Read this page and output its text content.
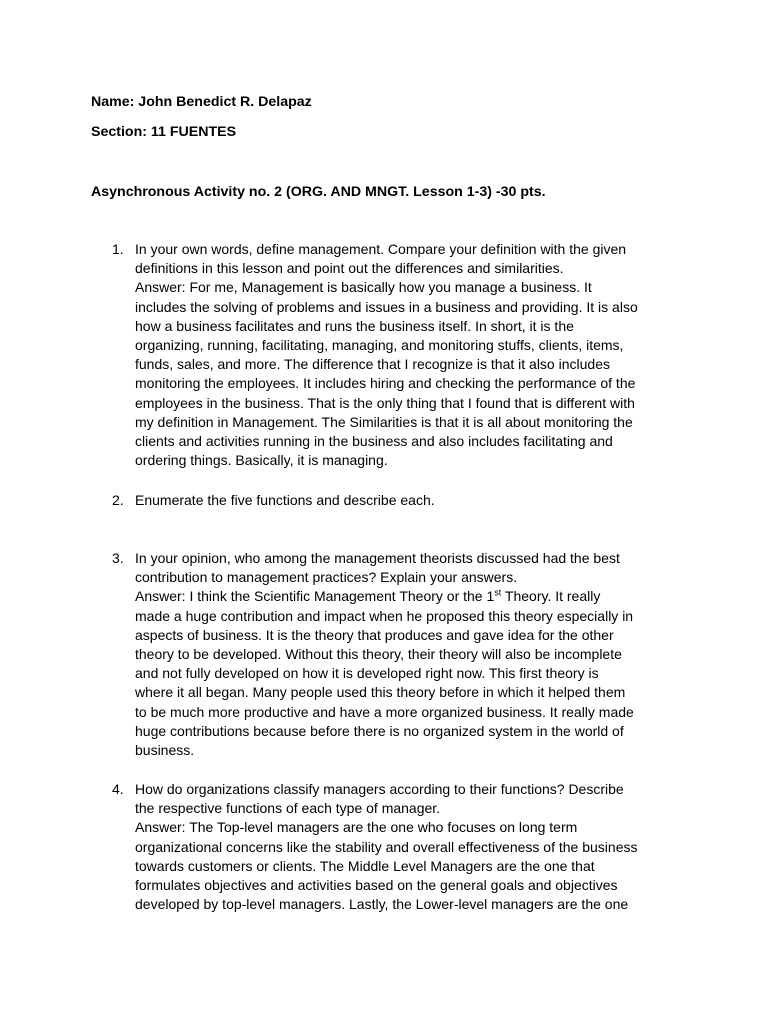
Name: John Benedict R. Delapaz
Section: 11 FUENTES
Asynchronous Activity no. 2 (ORG. AND MNGT. Lesson 1-3) -30 pts.
1. In your own words, define management. Compare your definition with the given
definitions in this lesson and point out the differences and similarities.
Answer: For me, Management is basically how you manage a business. It
includes the solving of problems and issues in a business and providing. It is also
how a business facilitates and runs the business itself. In short, it is the
organizing, running, facilitating, managing, and monitoring stuffs, clients, items,
funds, sales, and more. The difference that I recognize is that it also includes
monitoring the employees. It includes hiring and checking the performance of the
employees in the business. That is the only thing that I found that is different with
my definition in Management. The Similarities is that it is all about monitoring the
clients and activities running in the business and also includes facilitating and
ordering things. Basically, it is managing.
2. Enumerate the five functions and describe each.
3. In your opinion, who among the management theorists discussed had the best
contribution to management practices? Explain your answers.
Answer: I think the Scientific Management Theory or the 1st Theory. It really
made a huge contribution and impact when he proposed this theory especially in
aspects of business. It is the theory that produces and gave idea for the other
theory to be developed. Without this theory, their theory will also be incomplete
and not fully developed on how it is developed right now. This first theory is
where it all began. Many people used this theory before in which it helped them
to be much more productive and have a more organized business. It really made
huge contributions because before there is no organized system in the world of
business.
4. How do organizations classify managers according to their functions? Describe
the respective functions of each type of manager.
Answer: The Top-level managers are the one who focuses on long term
organizational concerns like the stability and overall effectiveness of the business
towards customers or clients. The Middle Level Managers are the one that
formulates objectives and activities based on the general goals and objectives
developed by top-level managers. Lastly, the Lower-level managers are the one
